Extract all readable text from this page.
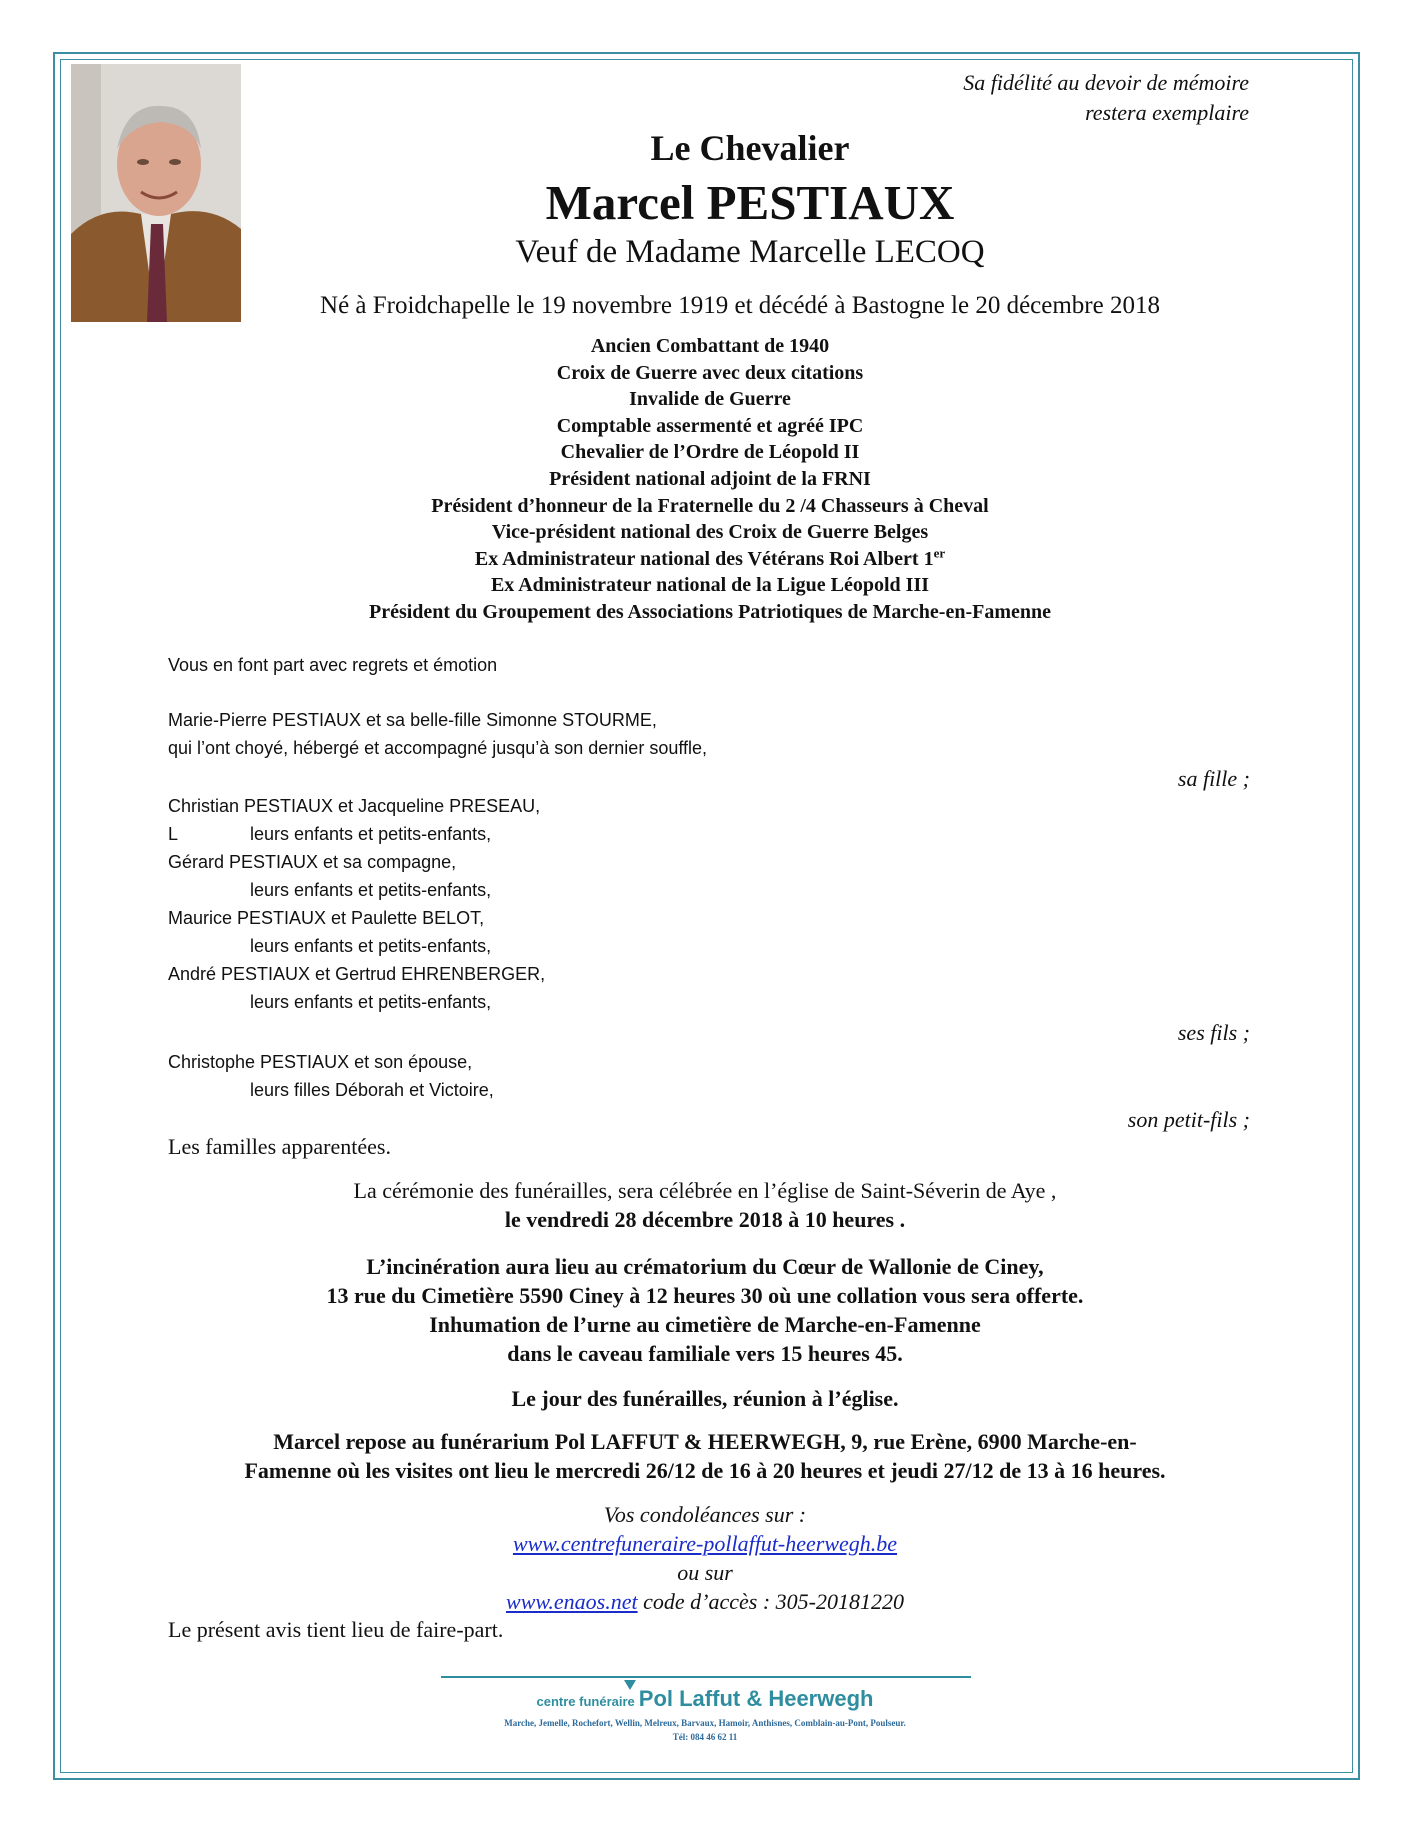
Sa fidélité au devoir de mémoire
restera exemplaire
Le Chevalier
Marcel PESTIAUX
Veuf de Madame Marcelle LECOQ
Né à Froidchapelle le 19 novembre 1919 et décédé à Bastogne le 20 décembre 2018
Ancien Combattant de 1940
Croix de Guerre avec deux citations
Invalide de Guerre
Comptable assermenté et agréé IPC
Chevalier de l’Ordre de Léopold II
Président national adjoint de la FRNI
Président d’honneur de la Fraternelle du 2 /4 Chasseurs à Cheval
Vice-président national des Croix de Guerre Belges
Ex Administrateur national des Vétérans Roi Albert 1er
Ex Administrateur national de la Ligue Léopold III
Président du Groupement des Associations Patriotiques de Marche-en-Famenne
Vous en font part avec regrets et émotion
Marie-Pierre PESTIAUX et sa belle-fille Simonne STOURME,
qui l’ont choyé, hébergé et accompagné jusqu’à son dernier souffle,
sa fille ;
Christian PESTIAUX et Jacqueline PRESEAU,
L	leurs enfants et petits-enfants,
Gérard PESTIAUX et sa compagne,
leurs enfants et petits-enfants,
Maurice PESTIAUX et Paulette BELOT,
leurs enfants et petits-enfants,
André PESTIAUX et Gertrud EHRENBERGER,
leurs enfants et petits-enfants,
ses fils ;
Christophe PESTIAUX et son épouse,
leurs filles Déborah et Victoire,
son petit-fils ;
Les familles apparentées.
La cérémonie des funérailles, sera célébrée en l’église de Saint-Séverin de Aye ,
le vendredi 28 décembre 2018 à 10 heures .
L’incinération aura lieu au crématorium du Cœur de Wallonie de Ciney,
13 rue du Cimetière 5590 Ciney à 12 heures 30 où une collation vous sera offerte.
Inhumation de l’urne au cimetière de Marche-en-Famenne
dans le caveau familiale vers 15 heures 45.
Le jour des funérailles, réunion à l’église.
Marcel repose au funérarium Pol LAFFUT & HEERWEGH, 9, rue Erène, 6900 Marche-en-
Famenne où les visites ont lieu le mercredi 26/12 de 16 à 20 heures et jeudi 27/12 de 13 à 16 heures.
Vos condoléances sur :
www.centrefuneraire-pollaffut-heerwegh.be
ou sur
www.enaos.net code d’accès : 305-20181220
Le présent avis tient lieu de faire-part.
centre funéraire Pol Laffut & Heerwegh
Marche, Jemelle, Rochefort, Wellin, Melreux, Barvaux, Hamoir, Anthisnes, Comblain-au-Pont, Poulseur.
Tél: 084 46 62 11
